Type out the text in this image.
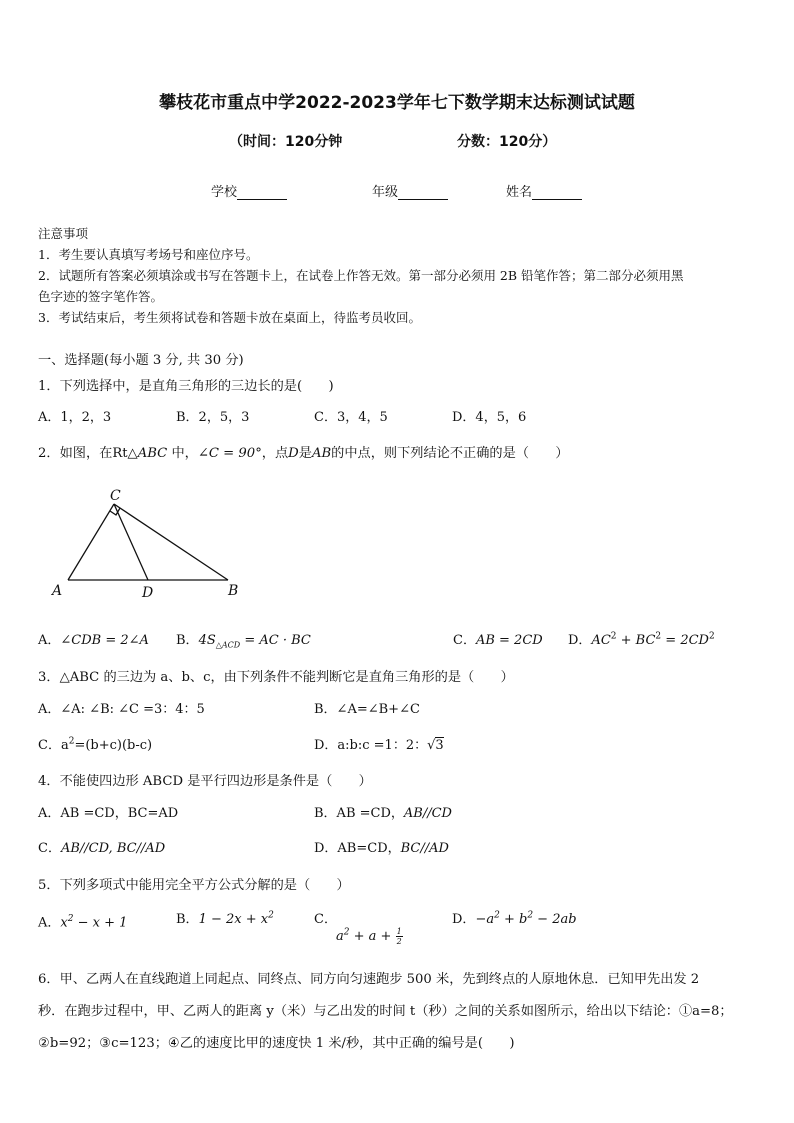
攀枝花市重点中学2022-2023学年七下数学期末达标测试试题
（时间：120分钟	分数：120分）
学校	年级	姓名
注意事项
1．考生要认真填写考场号和座位序号。
2．试题所有答案必须填涂或书写在答题卡上，在试卷上作答无效。第一部分必须用 2B 铅笔作答；第二部分必须用黑
色字迹的签字笔作答。
3．考试结束后，考生须将试卷和答题卡放在桌面上，待监考员收回。
一、选择题(每小题 3 分, 共 30 分)
1．下列选择中，是直角三角形的三边长的是(　　)
A．1，2，3	B．2，5，3	C．3，4，5	D．4，5，6
2．如图，在Rt△ABC 中，∠C = 90°，点D是AB的中点，则下列结论不正确的是（　　）
C
A	D	B
A．∠CDB = 2∠A B．$4S_{\triangle ACD}$ = AC · BC	C．AB = 2CD D．$AC^2 + BC^2 = 2CD^2$
3．△ABC 的三边为 a、b、c，由下列条件不能判断它是直角三角形的是（　　）
A．∠A: ∠B: ∠C =3：4：5	B．∠A=∠B+∠C
C．$a^2=(b+c)(b-c)$	D．a:b:c =1：2：√3
4．不能使四边形 ABCD 是平行四边形是条件是（　　）
A．AB =CD，BC=AD	B．AB =CD，AB//CD
C．AB//CD, BC//AD	D．AB=CD，BC//AD
5．下列多项式中能用完全平方公式分解的是（　　）
A．$x^2 - x + 1$	B．$1 - 2x + x^2$	C．
$a^2 + a + \frac{1}{2}$
D．$-a^2 + b^2 - 2ab$
6．甲、乙两人在直线跑道上同起点、同终点、同方向匀速跑步 500 米，先到终点的人原地休息．已知甲先出发 2
秒．在跑步过程中，甲、乙两人的距离 y（米）与乙出发的时间 t（秒）之间的关系如图所示，给出以下结论：①a=8；
②b=92；③c=123；④乙的速度比甲的速度快 1 米/秒，其中正确的编号是(　　)
